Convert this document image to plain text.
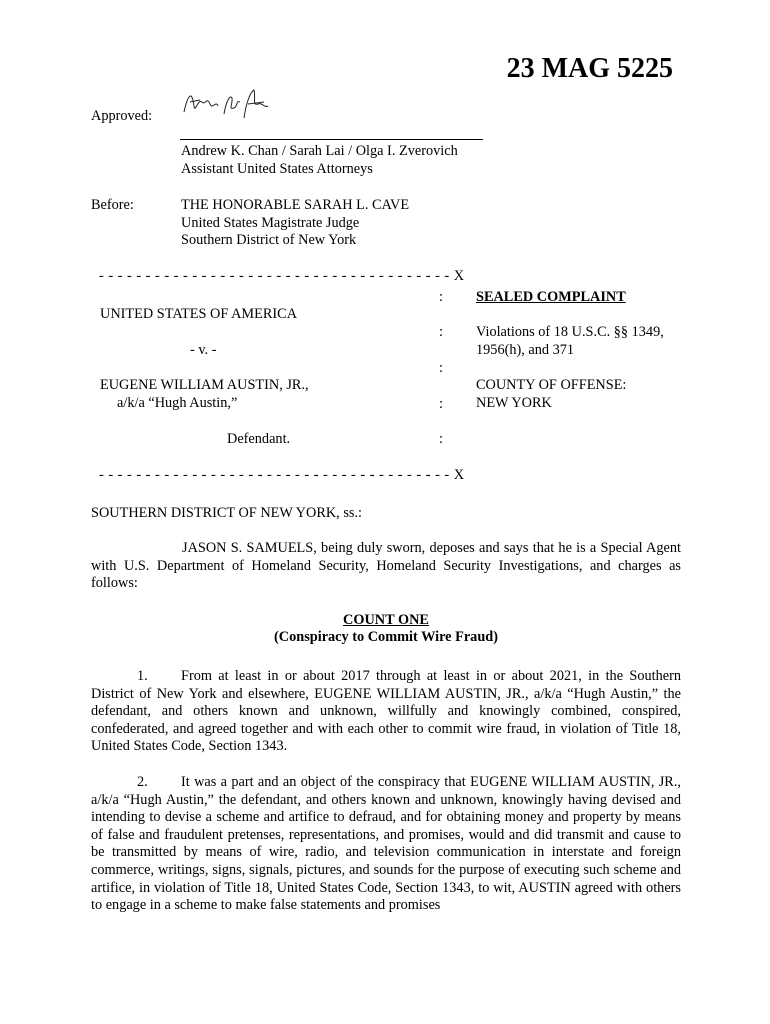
23 MAG 5225
Approved:
Andrew K. Chan / Sarah Lai / Olga I. Zverovich
Assistant United States Attorneys
Before:	THE HONORABLE SARAH L. CAVE
United States Magistrate Judge
Southern District of New York
- - - - - - - - - - - - - - - - - - - - - - - - - - - - - - - - - - - - - - X
:
:
:
:
:
UNITED STATES OF AMERICA
- v. -
EUGENE WILLIAM AUSTIN, JR.,
a/k/a “Hugh Austin,”
Defendant.
SEALED COMPLAINT
Violations of 18 U.S.C. §§ 1349,
1956(h), and 371
COUNTY OF OFFENSE:
NEW YORK
- - - - - - - - - - - - - - - - - - - - - - - - - - - - - - - - - - - - - - X
SOUTHERN DISTRICT OF NEW YORK, ss.:
JASON S. SAMUELS, being duly sworn, deposes and says that he is a Special Agent with U.S. Department of Homeland Security, Homeland Security Investigations, and charges as follows:
COUNT ONE
(Conspiracy to Commit Wire Fraud)
1. From at least in or about 2017 through at least in or about 2021, in the Southern District of New York and elsewhere, EUGENE WILLIAM AUSTIN, JR., a/k/a “Hugh Austin,” the defendant, and others known and unknown, willfully and knowingly combined, conspired, confederated, and agreed together and with each other to commit wire fraud, in violation of Title 18, United States Code, Section 1343.
2. It was a part and an object of the conspiracy that EUGENE WILLIAM AUSTIN, JR., a/k/a “Hugh Austin,” the defendant, and others known and unknown, knowingly having devised and intending to devise a scheme and artifice to defraud, and for obtaining money and property by means of false and fraudulent pretenses, representations, and promises, would and did transmit and cause to be transmitted by means of wire, radio, and television communication in interstate and foreign commerce, writings, signs, signals, pictures, and sounds for the purpose of executing such scheme and artifice, in violation of Title 18, United States Code, Section 1343, to wit, AUSTIN agreed with others to engage in a scheme to make false statements and promises
